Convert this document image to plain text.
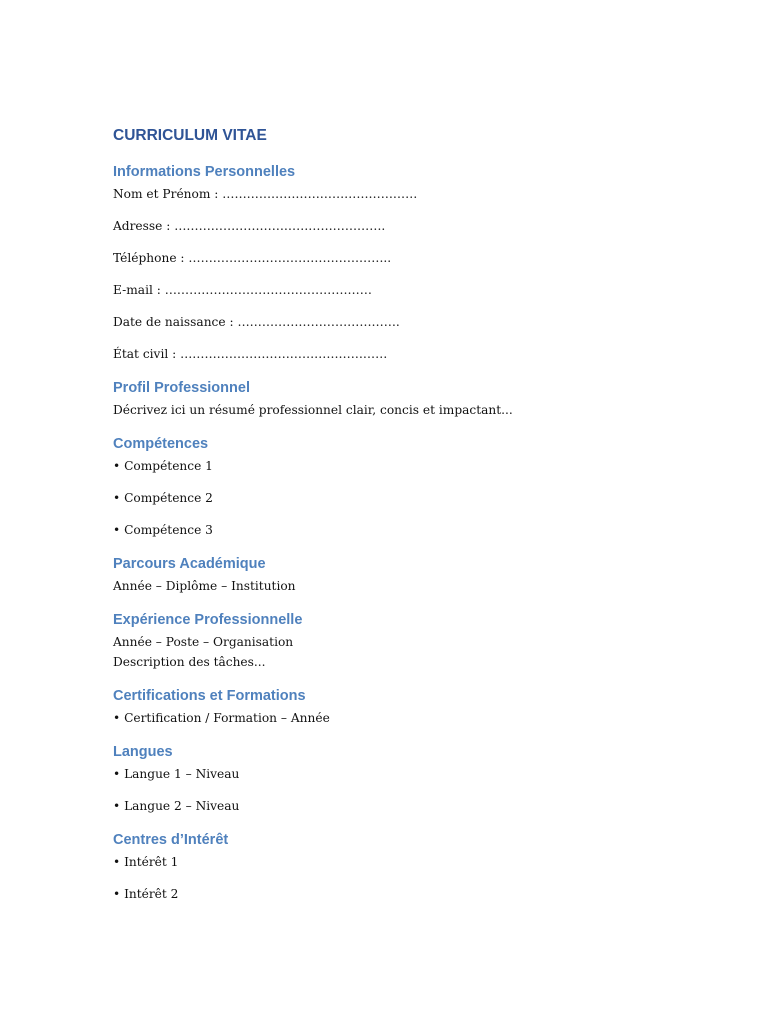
CURRICULUM VITAE
Informations Personnelles
Nom et Prénom : …………………………………………
Adresse : …………………………………………….
Téléphone : …………………………………………..
E-mail : ……………………………………………
Date de naissance : ………………………………….
État civil : ……………………………………………
Profil Professionnel
Décrivez ici un résumé professionnel clair, concis et impactant...
Compétences
• Compétence 1
• Compétence 2
• Compétence 3
Parcours Académique
Année – Diplôme – Institution
Expérience Professionnelle
Année – Poste – Organisation
Description des tâches...
Certifications et Formations
• Certification / Formation – Année
Langues
• Langue 1 – Niveau
• Langue 2 – Niveau
Centres d’Intérêt
• Intérêt 1
• Intérêt 2
